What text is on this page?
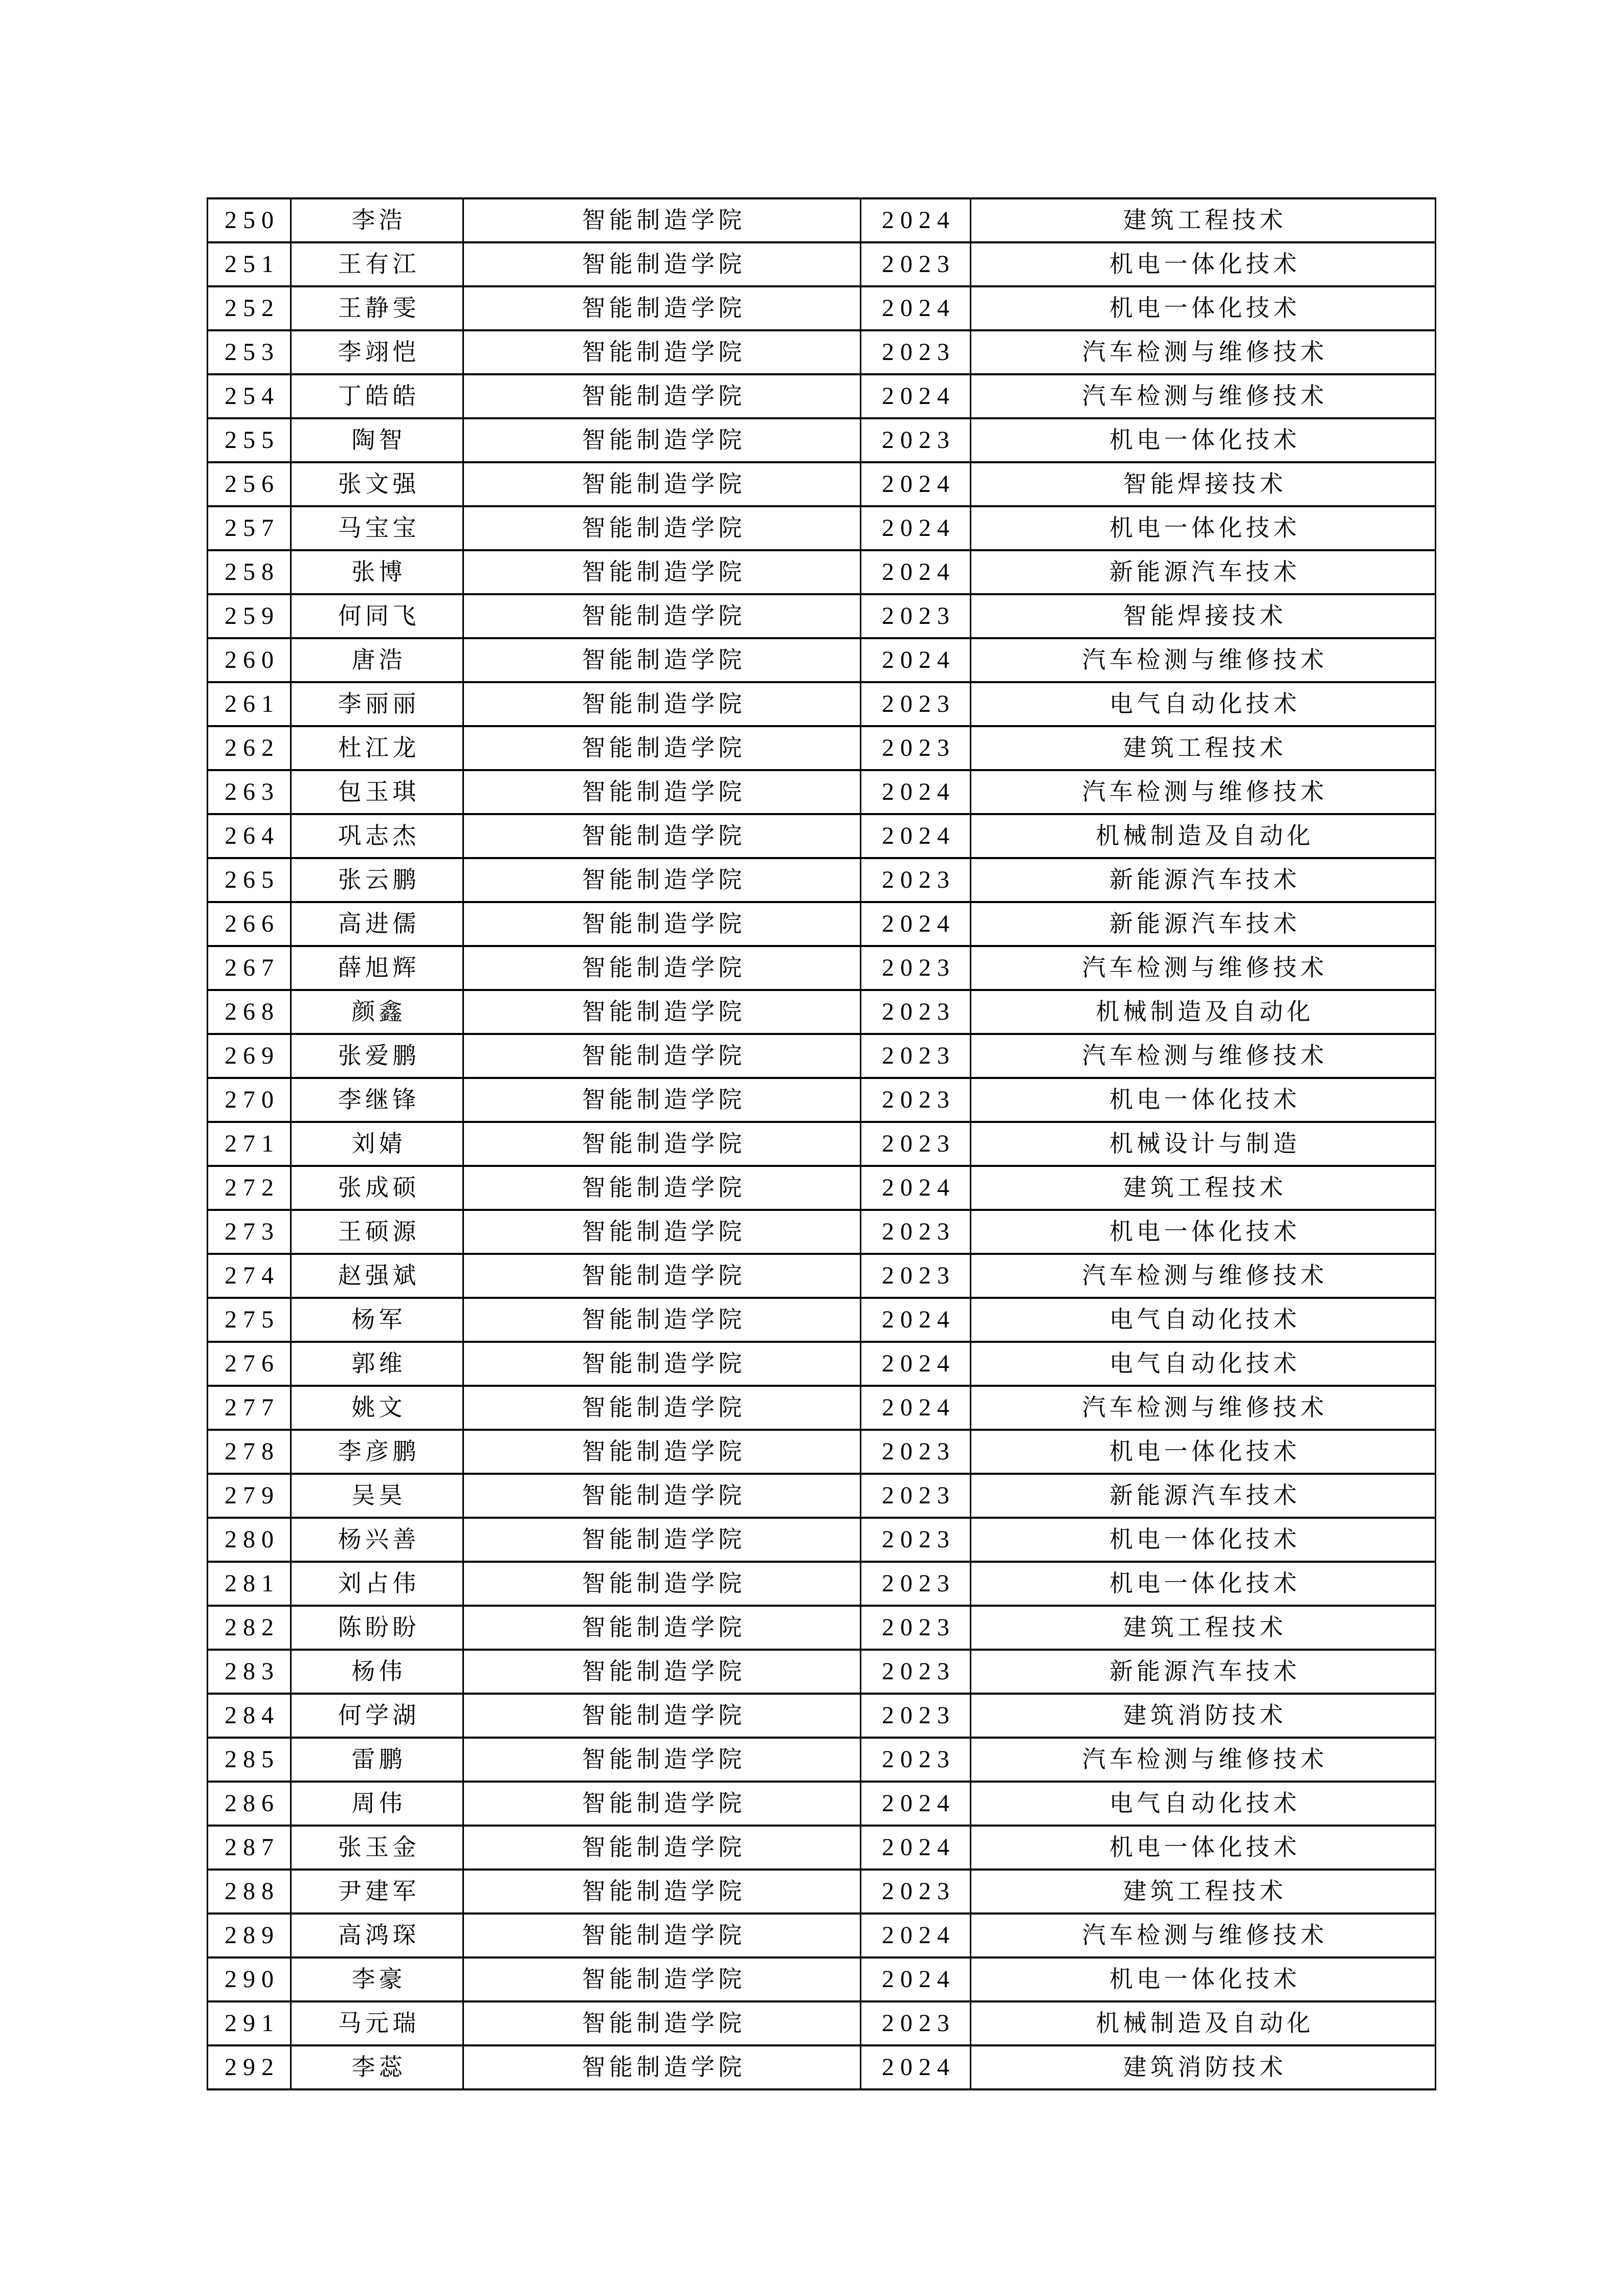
250	李浩	智能制造学院	2024	建筑工程技术
251	王有江	智能制造学院	2023	机电一体化技术
252	王静雯	智能制造学院	2024	机电一体化技术
253	李翊恺	智能制造学院	2023	汽车检测与维修技术
254	丁皓皓	智能制造学院	2024	汽车检测与维修技术
255	陶智	智能制造学院	2023	机电一体化技术
256	张文强	智能制造学院	2024	智能焊接技术
257	马宝宝	智能制造学院	2024	机电一体化技术
258	张博	智能制造学院	2024	新能源汽车技术
259	何同飞	智能制造学院	2023	智能焊接技术
260	唐浩	智能制造学院	2024	汽车检测与维修技术
261	李丽丽	智能制造学院	2023	电气自动化技术
262	杜江龙	智能制造学院	2023	建筑工程技术
263	包玉琪	智能制造学院	2024	汽车检测与维修技术
264	巩志杰	智能制造学院	2024	机械制造及自动化
265	张云鹏	智能制造学院	2023	新能源汽车技术
266	高进儒	智能制造学院	2024	新能源汽车技术
267	薛旭辉	智能制造学院	2023	汽车检测与维修技术
268	颜鑫	智能制造学院	2023	机械制造及自动化
269	张爱鹏	智能制造学院	2023	汽车检测与维修技术
270	李继锋	智能制造学院	2023	机电一体化技术
271	刘婧	智能制造学院	2023	机械设计与制造
272	张成硕	智能制造学院	2024	建筑工程技术
273	王硕源	智能制造学院	2023	机电一体化技术
274	赵强斌	智能制造学院	2023	汽车检测与维修技术
275	杨军	智能制造学院	2024	电气自动化技术
276	郭维	智能制造学院	2024	电气自动化技术
277	姚文	智能制造学院	2024	汽车检测与维修技术
278	李彦鹏	智能制造学院	2023	机电一体化技术
279	吴昊	智能制造学院	2023	新能源汽车技术
280	杨兴善	智能制造学院	2023	机电一体化技术
281	刘占伟	智能制造学院	2023	机电一体化技术
282	陈盼盼	智能制造学院	2023	建筑工程技术
283	杨伟	智能制造学院	2023	新能源汽车技术
284	何学湖	智能制造学院	2023	建筑消防技术
285	雷鹏	智能制造学院	2023	汽车检测与维修技术
286	周伟	智能制造学院	2024	电气自动化技术
287	张玉金	智能制造学院	2024	机电一体化技术
288	尹建军	智能制造学院	2023	建筑工程技术
289	高鸿琛	智能制造学院	2024	汽车检测与维修技术
290	李豪	智能制造学院	2024	机电一体化技术
291	马元瑞	智能制造学院	2023	机械制造及自动化
292	李蕊	智能制造学院	2024	建筑消防技术
